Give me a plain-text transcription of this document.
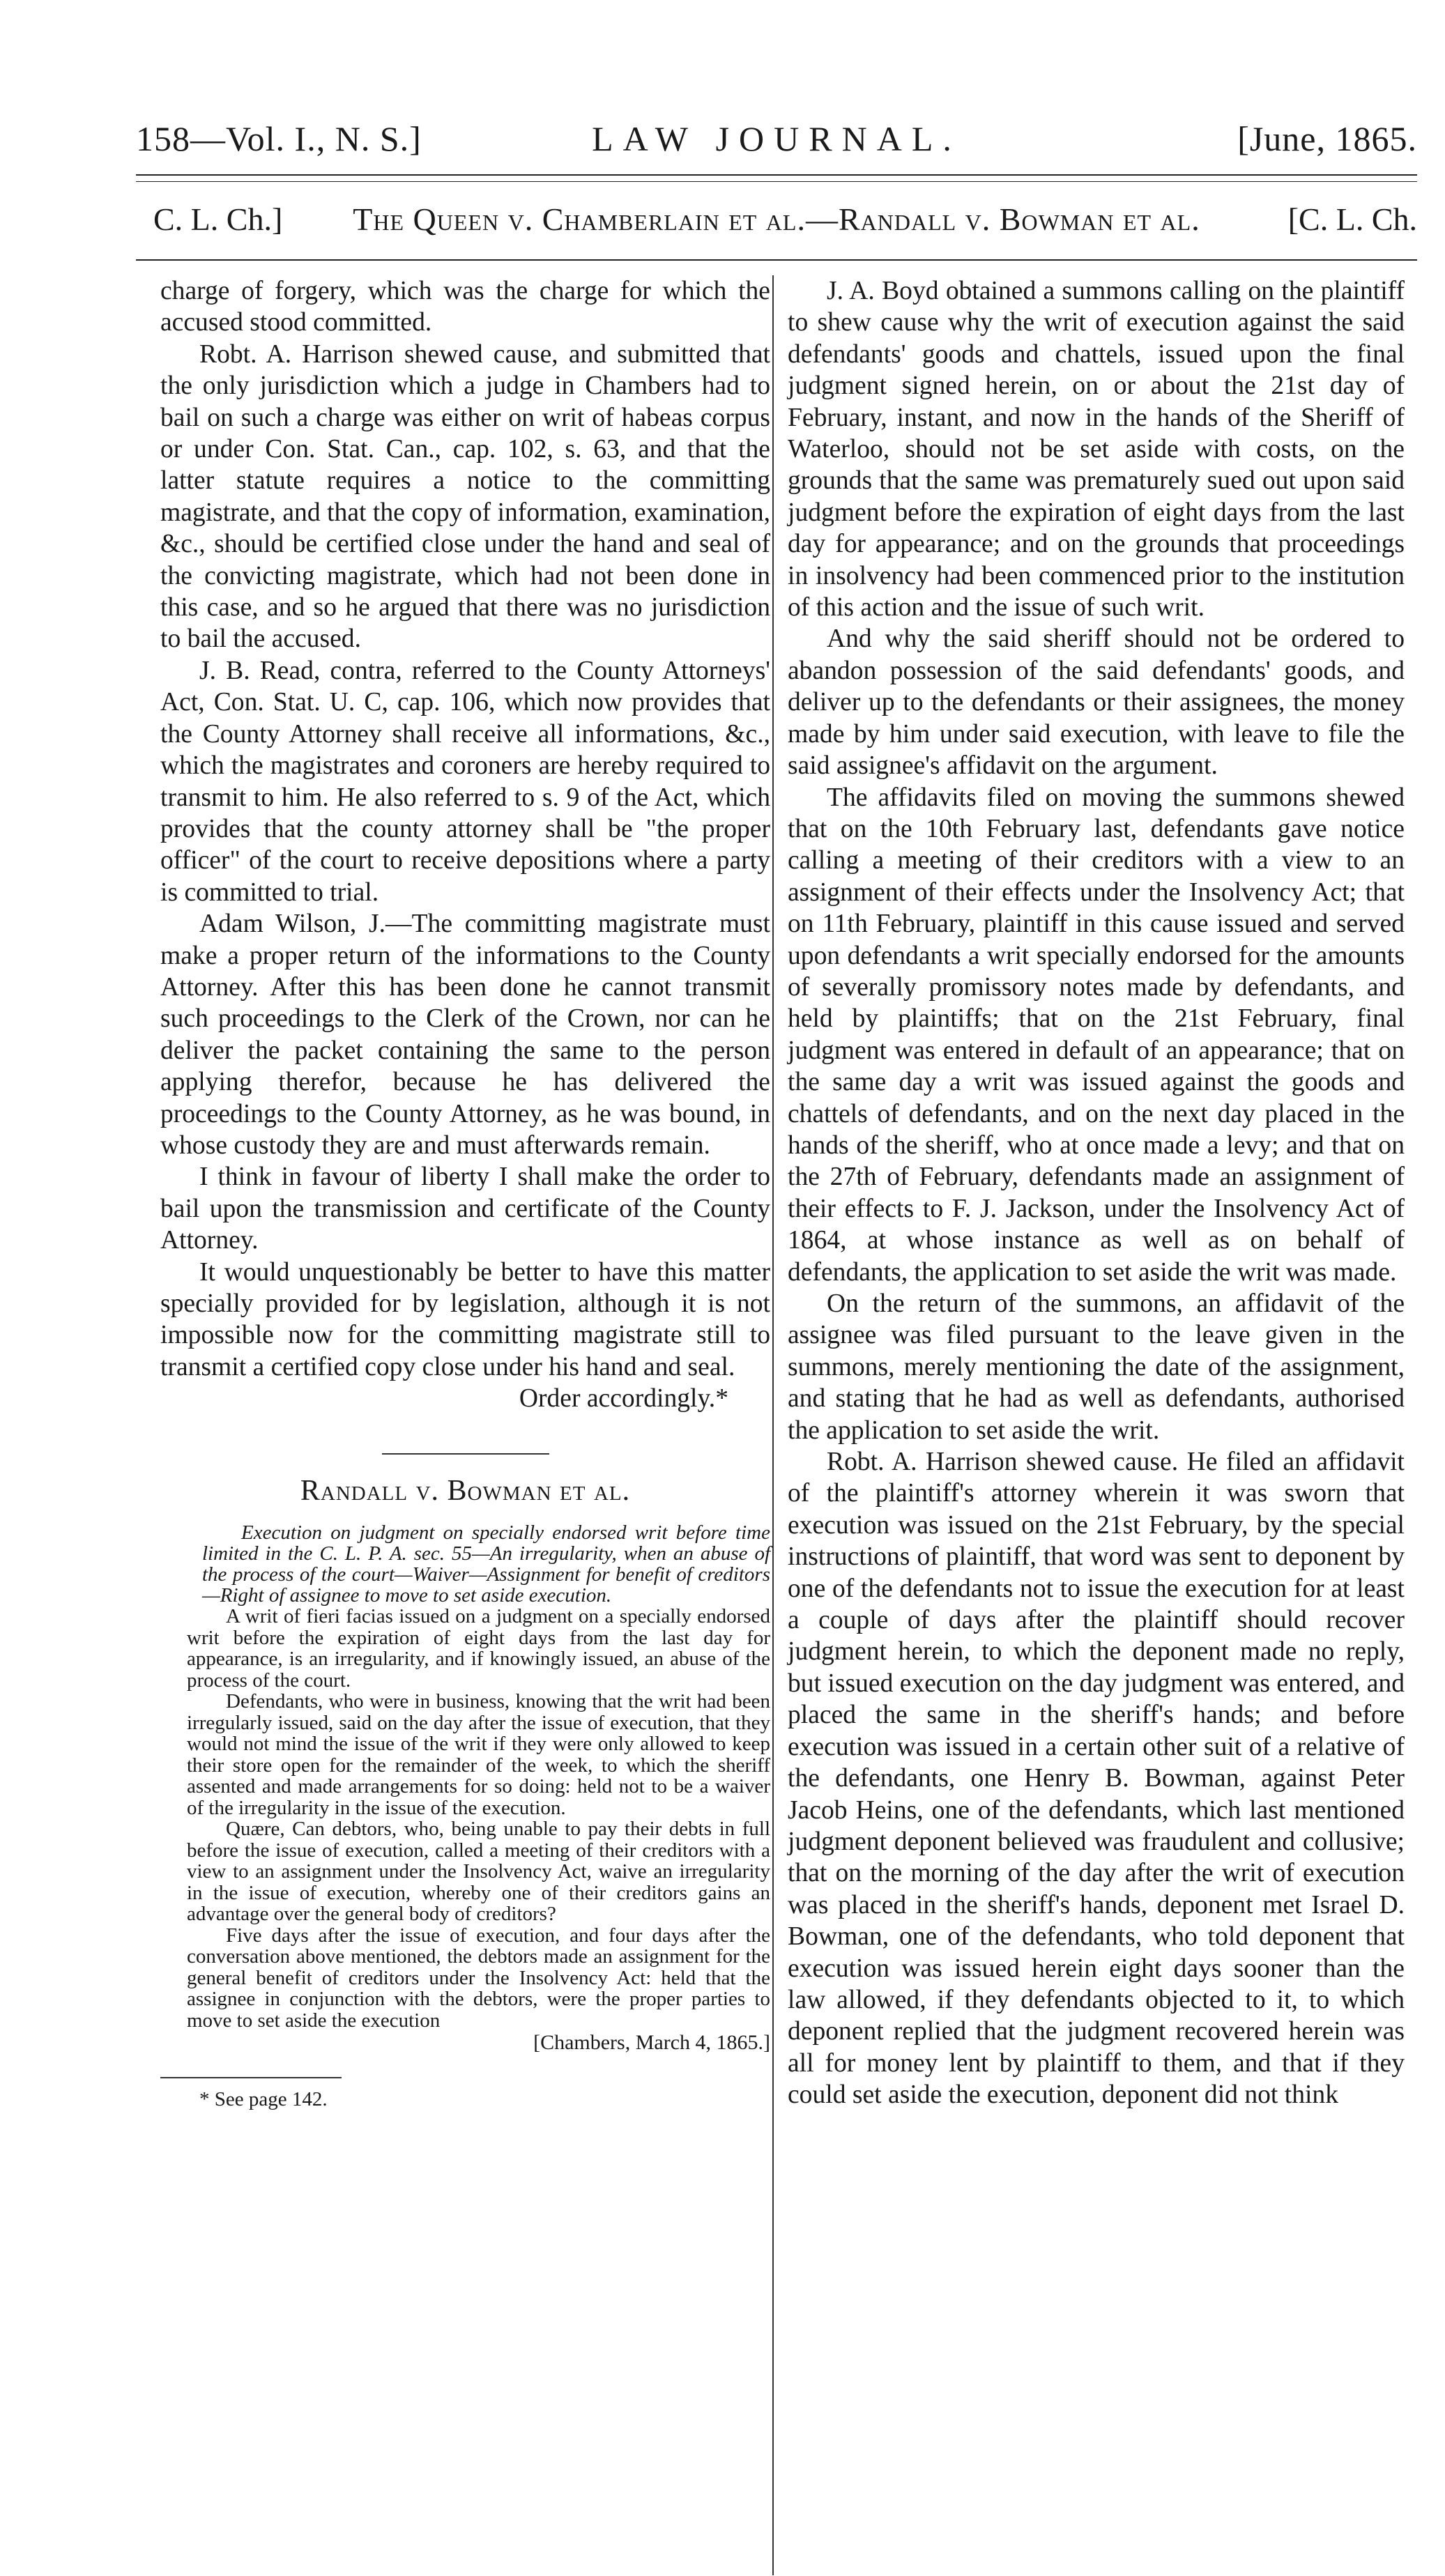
158—Vol. I., N. S.]	LAW JOURNAL.	[June, 1865.
C. L. Ch.]	The Queen v. Chamberlain et al.—Randall v. Bowman et al.	[C. L. Ch.

charge of forgery, which was the charge for which the accused stood committed.

Robt. A. Harrison shewed cause, and submitted that the only jurisdiction which a judge in Chambers had to bail on such a charge was either on writ of habeas corpus or under Con. Stat. Can., cap. 102, s. 63, and that the latter statute requires a notice to the committing magistrate, and that the copy of information, examination, &c., should be certified close under the hand and seal of the convicting magistrate, which had not been done in this case, and so he argued that there was no jurisdiction to bail the accused.

J. B. Read, contra, referred to the County Attorneys' Act, Con. Stat. U. C, cap. 106, which now provides that the County Attorney shall receive all informations, &c., which the magistrates and coroners are hereby required to transmit to him. He also referred to s. 9 of the Act, which provides that the county attorney shall be "the proper officer" of the court to receive depositions where a party is committed to trial.

Adam Wilson, J.—The committing magistrate must make a proper return of the informations to the County Attorney. After this has been done he cannot transmit such proceedings to the Clerk of the Crown, nor can he deliver the packet containing the same to the person applying therefor, because he has delivered the proceedings to the County Attorney, as he was bound, in whose custody they are and must afterwards remain.

I think in favour of liberty I shall make the order to bail upon the transmission and certificate of the County Attorney.

It would unquestionably be better to have this matter specially provided for by legislation, although it is not impossible now for the committing magistrate still to transmit a certified copy close under his hand and seal.

Order accordingly.*

Randall v. Bowman et al.

Execution on judgment on specially endorsed writ before time limited in the C. L. P. A. sec. 55—An irregularity, when an abuse of the process of the court—Waiver—Assignment for benefit of creditors—Right of assignee to move to set aside execution.

A writ of fieri facias issued on a judgment on a specially endorsed writ before the expiration of eight days from the last day for appearance, is an irregularity, and if knowingly issued, an abuse of the process of the court.

Defendants, who were in business, knowing that the writ had been irregularly issued, said on the day after the issue of execution, that they would not mind the issue of the writ if they were only allowed to keep their store open for the remainder of the week, to which the sheriff assented and made arrangements for so doing: held not to be a waiver of the irregularity in the issue of the execution.

Quære, Can debtors, who, being unable to pay their debts in full before the issue of execution, called a meeting of their creditors with a view to an assignment under the Insolvency Act, waive an irregularity in the issue of execution, whereby one of their creditors gains an advantage over the general body of creditors?

Five days after the issue of execution, and four days after the conversation above mentioned, the debtors made an assignment for the general benefit of creditors under the Insolvency Act: held that the assignee in conjunction with the debtors, were the proper parties to move to set aside the execution

[Chambers, March 4, 1865.]

* See page 142.

J. A. Boyd obtained a summons calling on the plaintiff to shew cause why the writ of execution against the said defendants' goods and chattels, issued upon the final judgment signed herein, on or about the 21st day of February, instant, and now in the hands of the Sheriff of Waterloo, should not be set aside with costs, on the grounds that the same was prematurely sued out upon said judgment before the expiration of eight days from the last day for appearance; and on the grounds that proceedings in insolvency had been commenced prior to the institution of this action and the issue of such writ.

And why the said sheriff should not be ordered to abandon possession of the said defendants' goods, and deliver up to the defendants or their assignees, the money made by him under said execution, with leave to file the said assignee's affidavit on the argument.

The affidavits filed on moving the summons shewed that on the 10th February last, defendants gave notice calling a meeting of their creditors with a view to an assignment of their effects under the Insolvency Act; that on 11th February, plaintiff in this cause issued and served upon defendants a writ specially endorsed for the amounts of severally promissory notes made by defendants, and held by plaintiffs; that on the 21st February, final judgment was entered in default of an appearance; that on the same day a writ was issued against the goods and chattels of defendants, and on the next day placed in the hands of the sheriff, who at once made a levy; and that on the 27th of February, defendants made an assignment of their effects to F. J. Jackson, under the Insolvency Act of 1864, at whose instance as well as on behalf of defendants, the application to set aside the writ was made.

On the return of the summons, an affidavit of the assignee was filed pursuant to the leave given in the summons, merely mentioning the date of the assignment, and stating that he had as well as defendants, authorised the application to set aside the writ.

Robt. A. Harrison shewed cause. He filed an affidavit of the plaintiff's attorney wherein it was sworn that execution was issued on the 21st February, by the special instructions of plaintiff, that word was sent to deponent by one of the defendants not to issue the execution for at least a couple of days after the plaintiff should recover judgment herein, to which the deponent made no reply, but issued execution on the day judgment was entered, and placed the same in the sheriff's hands; and before execution was issued in a certain other suit of a relative of the defendants, one Henry B. Bowman, against Peter Jacob Heins, one of the defendants, which last mentioned judgment deponent believed was fraudulent and collusive; that on the morning of the day after the writ of execution was placed in the sheriff's hands, deponent met Israel D. Bowman, one of the defendants, who told deponent that execution was issued herein eight days sooner than the law allowed, if they defendants objected to it, to which deponent replied that the judgment recovered herein was all for money lent by plaintiff to them, and that if they could set aside the execution, deponent did not think
